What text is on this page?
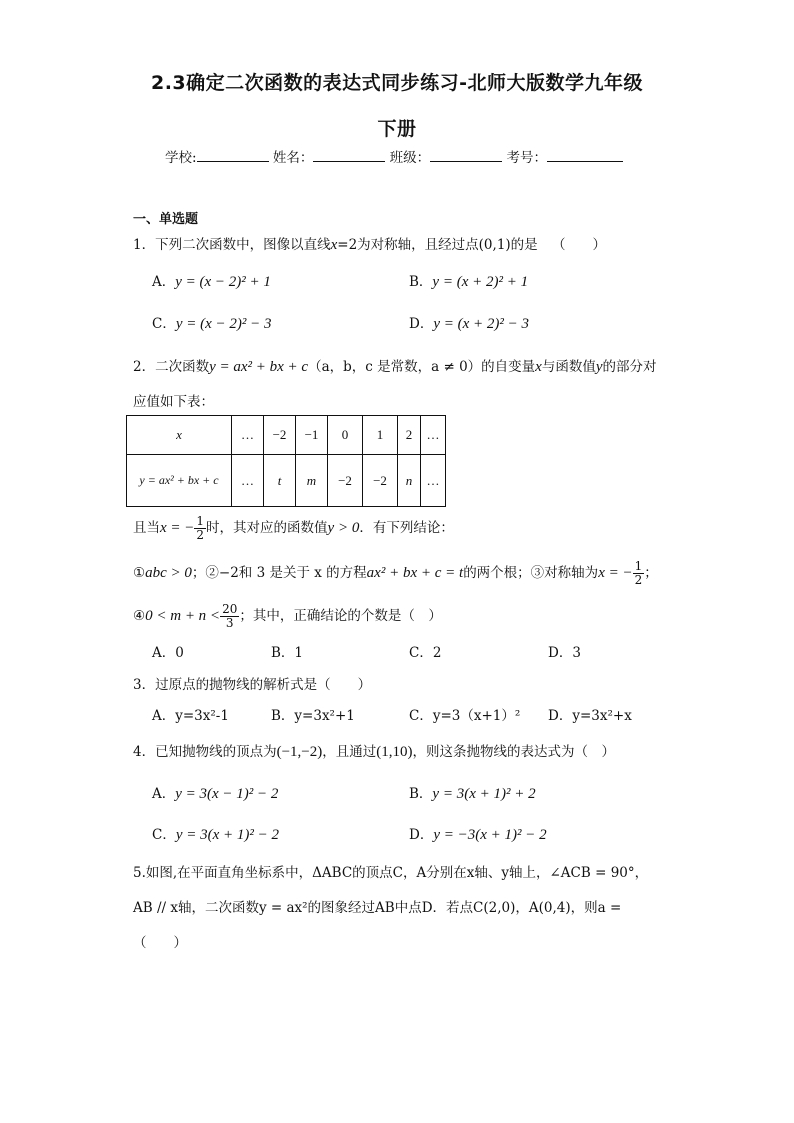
2.3确定二次函数的表达式同步练习-北师大版数学九年级
下册
学校:	姓名：	班级：	考号：
一、单选题
1．下列二次函数中，图像以直线x=2为对称轴，且经过点(0,1)的是 （　　）
A．y = (x − 2)² + 1	B．y = (x + 2)² + 1
C．y = (x − 2)² − 3	D．y = (x + 2)² − 3
2．二次函数y = ax² + bx + c（a，b，c 是常数，a ≠ 0）的自变量x与函数值y的部分对
应值如下表：
x	…	−2	−1	0	1	2	…
y = ax² + bx + c	…	t	m	−2	−2	n	…
且当x = − $\frac{1}{2}$ 时，其对应的函数值y > 0．有下列结论：
①abc > 0；②−2和 3 是关于 x 的方程ax² + bx + c = t的两个根；③对称轴为x = − $\frac{1}{2}$ ；
④0 < $m + n < \frac{20}{3}$ ；其中，正确结论的个数是（　）
A．0	B．1	C．2	D．3
3．过原点的抛物线的解析式是（　　）
A．y=3x²-1	B．y=3x²+1	C．y=3（x+1）² D．y=3x²+x
4．已知抛物线的顶点为(−1,−2)，且通过(1,10)，则这条抛物线的表达式为（　）
A．y = 3(x − 1)² − 2	B．y = 3(x + 1)² + 2
C．y = 3(x + 1)² − 2	D．y = −3(x + 1)² − 2
5.如图,在平面直角坐标系中，ΔABC的顶点C，A分别在x轴、y轴上，∠ACB = 90°，
AB // x轴，二次函数y = ax²的图象经过AB中点D．若点C(2,0)，A(0,4)，则a =
（　　）
